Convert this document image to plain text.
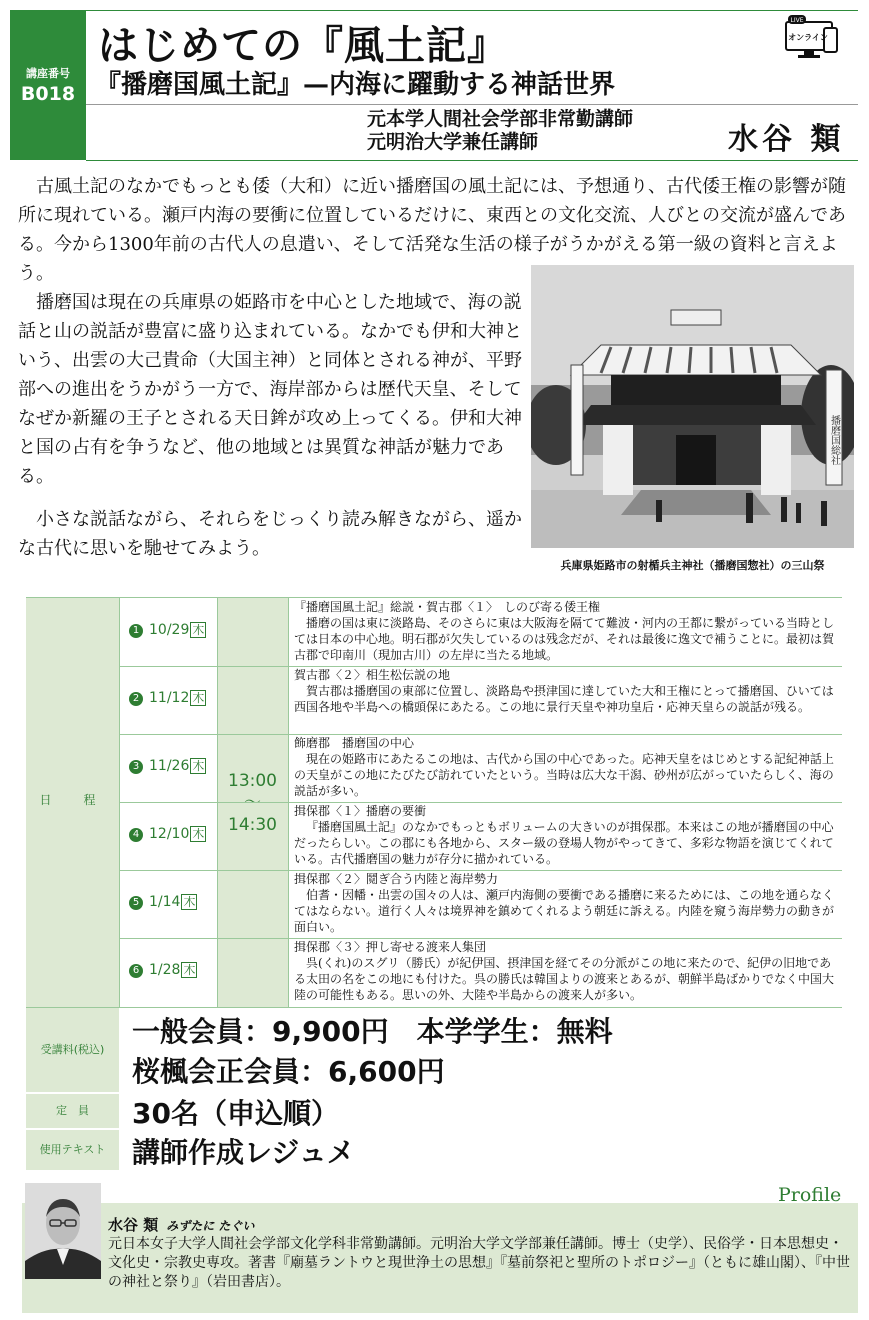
講座番号
B018
はじめての『風土記』
『播磨国風土記』—内海に躍動する神話世界
元本学人間社会学部非常勤講師
元明治大学兼任講師	水谷 類
LIVE
オンライン
古風土記のなかでもっとも倭（大和）に近い播磨国の風土記には、予想通り、古代倭王権の影響が随所に現れている。瀬戸内海の要衝に位置しているだけに、東西との文化交流、人びとの交流が盛んである。今から1300年前の古代人の息遣い、そして活発な生活の様子がうかがえる第一級の資料と言えよう。
播磨国は現在の兵庫県の姫路市を中心とした地域で、海の説話と山の説話が豊富に盛り込まれている。なかでも伊和大神という、出雲の大己貴命（大国主神）と同体とされる神が、平野部への進出をうかがう一方で、海岸部からは歴代天皇、そしてなぜか新羅の王子とされる天日鉾が攻め上ってくる。伊和大神と国の占有を争うなど、他の地域とは異質な神話が魅力である。
小さな説話ながら、それらをじっくり読み解きながら、遥かな古代に思いを馳せてみよう。
播磨国総社
兵庫県姫路市の射楯兵主神社（播磨国惣社）の三山祭
日　程
13:00
〜
14:30
1 10/29 木
『播磨国風土記』総説・賀古郡〈１〉　しのび寄る倭王権
播磨の国は東に淡路島、そのさらに東は大阪海を隔てて難波・河内の王都に繋がっている当時としては日本の中心地。明石郡が欠失しているのは残念だが、それは最後に逸文で補うことに。最初は賀古郡で印南川（現加古川）の左岸に当たる地域。
2 11/12 木
賀古郡〈２〉相生松伝説の地
賀古郡は播磨国の東部に位置し、淡路島や摂津国に達していた大和王権にとって播磨国、ひいては西国各地や半島への橋頭保にあたる。この地に景行天皇や神功皇后・応神天皇らの説話が残る。
3 11/26 木
飾磨郡　播磨国の中心
現在の姫路市にあたるこの地は、古代から国の中心であった。応神天皇をはじめとする記紀神話上の天皇がこの地にたびたび訪れていたという。当時は広大な干潟、砂州が広がっていたらしく、海の説話が多い。
4 12/10 木
揖保郡〈１〉播磨の要衝
『播磨国風土記』のなかでもっともボリュームの大きいのが揖保郡。本来はこの地が播磨国の中心だったらしい。この郡にも各地から、スター級の登場人物がやってきて、多彩な物語を演じてくれている。古代播磨国の魅力が存分に描かれている。
5 1/14 木
揖保郡〈２〉鬩ぎ合う内陸と海岸勢力
伯耆・因幡・出雲の国々の人は、瀬戸内海側の要衝である播磨に来るためには、この地を通らなくてはならない。道行く人々は境界神を鎮めてくれるよう朝廷に訴える。内陸を窺う海岸勢力の動きが面白い。
6 1/28 木
揖保郡〈３〉押し寄せる渡来人集団
呉(くれ)のスグリ（勝氏）が紀伊国、摂津国を経てその分派がこの地に来たので、紀伊の旧地である太田の名をこの地にも付けた。呉の勝氏は韓国よりの渡来とあるが、朝鮮半島ばかりでなく中国大陸の可能性もある。思いの外、大陸や半島からの渡来人が多い。
受講料(税込)
一般会員：9,900円　本学学生：無料
桜楓会正会員：6,600円
定　員	30名（申込順）
使用テキスト 講師作成レジュメ
Profile
水谷 類 みずたに たぐい
元日本女子大学人間社会学部文化学科非常勤講師。元明治大学文学部兼任講師。博士（史学）、民俗学・日本思想史・文化史・宗教史専攻。著書『廟墓ラントウと現世浄土の思想』『墓前祭祀と聖所のトポロジー』（ともに雄山閣）、『中世の神社と祭り』（岩田書店）。
